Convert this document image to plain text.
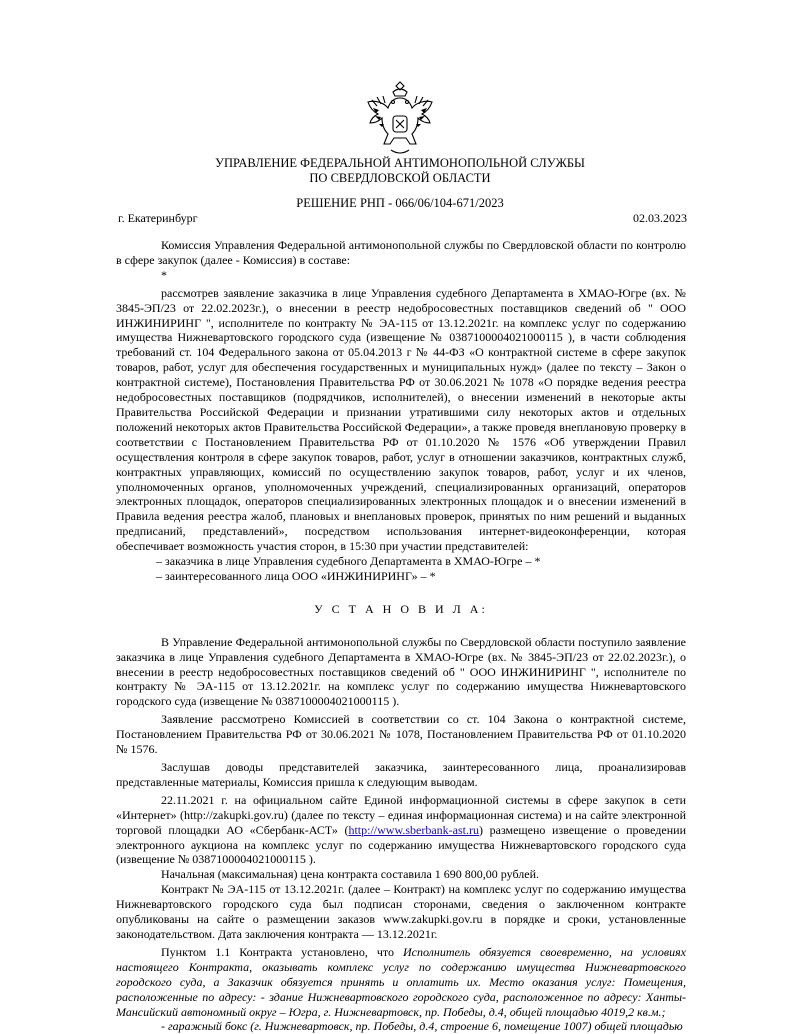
УПРАВЛЕНИЕ ФЕДЕРАЛЬНОЙ АНТИМОНОПОЛЬНОЙ СЛУЖБЫ
ПО СВЕРДЛОВСКОЙ ОБЛАСТИ
РЕШЕНИЕ РНП - 066/06/104-671/2023
г. Екатеринбург	02.03.2023

Комиссия Управления Федеральной антимонопольной службы по Свердловской области по контролю в сфере закупок (далее - Комиссия) в составе:

*

рассмотрев заявление заказчика в лице Управления судебного Департамента в ХМАО-Югре (вх. № 3845-ЭП/23 от 22.02.2023г.), о внесении в реестр недобросовестных поставщиков сведений об " ООО ИНЖИНИРИНГ ", исполнителе по контракту № ЭА-115 от 13.12.2021г. на комплекс услуг по содержанию имущества Нижневартовского городского суда (извещение № 0387100004021000115 ), в части соблюдения требований ст. 104 Федерального закона от 05.04.2013 г № 44-ФЗ «О контрактной системе в сфере закупок товаров, работ, услуг для обеспечения государственных и муниципальных нужд» (далее по тексту – Закон о контрактной системе), Постановления Правительства РФ от 30.06.2021 № 1078 «О порядке ведения реестра недобросовестных поставщиков (подрядчиков, исполнителей), о внесении изменений в некоторые акты Правительства Российской Федерации и признании утратившими силу некоторых актов и отдельных положений некоторых актов Правительства Российской Федерации», а также проведя внеплановую проверку в соответствии с Постановлением Правительства РФ от 01.10.2020 № 1576 «Об утверждении Правил осуществления контроля в сфере закупок товаров, работ, услуг в отношении заказчиков, контрактных служб, контрактных управляющих, комиссий по осуществлению закупок товаров, работ, услуг и их членов, уполномоченных органов, уполномоченных учреждений, специализированных организаций, операторов электронных площадок, операторов специализированных электронных площадок и о внесении изменений в Правила ведения реестра жалоб, плановых и внеплановых проверок, принятых по ним решений и выданных предписаний, представлений», посредством использования интернет-видеоконференции, которая обеспечивает возможность участия сторон, в 15:30 при участии представителей:

– заказчика в лице Управления судебного Департамента в ХМАО-Югре – *

– заинтересованного лица ООО «ИНЖИНИРИНГ» – *

У С Т А Н О В И Л А:

В Управление Федеральной антимонопольной службы по Свердловской области поступило заявление заказчика в лице Управления судебного Департамента в ХМАО-Югре (вх. № 3845-ЭП/23 от 22.02.2023г.), о внесении в реестр недобросовестных поставщиков сведений об " ООО ИНЖИНИРИНГ ", исполнителе по контракту № ЭА-115 от 13.12.2021г. на комплекс услуг по содержанию имущества Нижневартовского городского суда (извещение № 0387100004021000115 ).

Заявление рассмотрено Комиссией в соответствии со ст. 104 Закона о контрактной системе, Постановлением Правительства РФ от 30.06.2021 № 1078, Постановлением Правительства РФ от 01.10.2020 № 1576.

Заслушав доводы представителей заказчика, заинтересованного лица, проанализировав представленные материалы, Комиссия пришла к следующим выводам.

22.11.2021 г. на официальном сайте Единой информационной системы в сфере закупок в сети «Интернет» (http://zakupki.gov.ru) (далее по тексту – единая информационная система) и на сайте электронной торговой площадки АО «Сбербанк-АСТ» (http://www.sberbank-ast.ru) размещено извещение о проведении электронного аукциона на комплекс услуг по содержанию имущества Нижневартовского городского суда (извещение № 0387100004021000115 ).

Начальная (максимальная) цена контракта составила 1 690 800,00 рублей.

Контракт № ЭА-115 от 13.12.2021г. (далее – Контракт) на комплекс услуг по содержанию имущества Нижневартовского городского суда был подписан сторонами, сведения о заключенном контракте опубликованы на сайте о размещении заказов www.zakupki.gov.ru в порядке и сроки, установленные законодательством. Дата заключения контракта — 13.12.2021г.

Пунктом 1.1 Контракта установлено, что Исполнитель обязуется своевременно, на условиях настоящего Контракта, оказывать комплекс услуг по содержанию имущества Нижневартовского городского суда, а Заказчик обязуется принять и оплатить их. Место оказания услуг: Помещения, расположенные по адресу: - здание Нижневартовского городского суда, расположенное по адресу: Ханты-Мансийский автономный округ – Югра, г. Нижневартовск, пр. Победы, д.4, общей площадью 4019,2 кв.м.;

- гаражный бокс (г. Нижневартовск, пр. Победы, д.4, строение 6, помещение 1007) общей площадью
